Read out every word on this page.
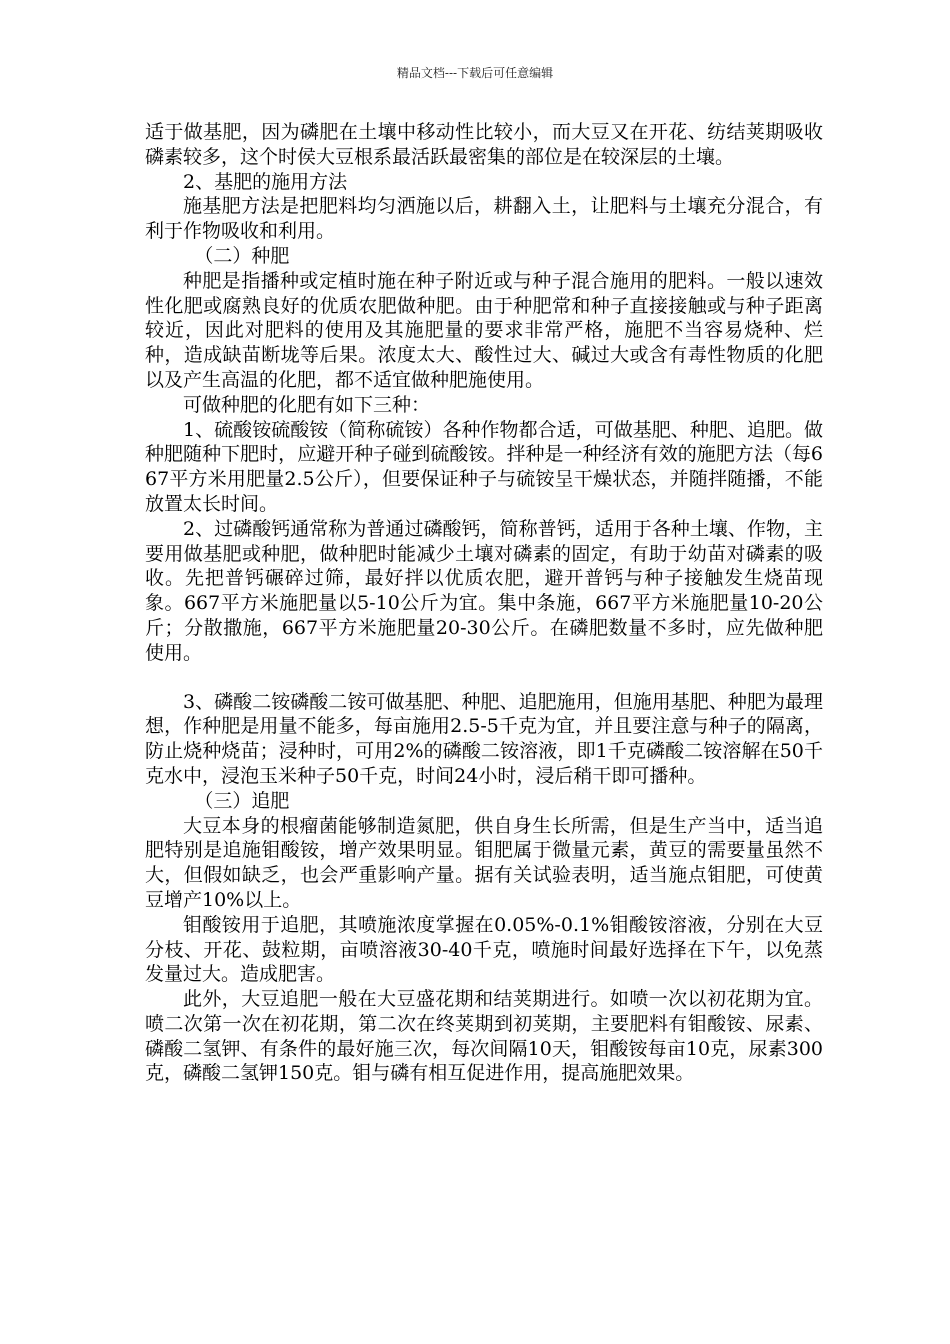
精品文档---下载后可任意编辑

适于做基肥，因为磷肥在土壤中移动性比较小，而大豆又在开花、纺结荚期吸收磷素较多，这个时侯大豆根系最活跃最密集的部位是在较深层的土壤。

2、基肥的施用方法

施基肥方法是把肥料均匀洒施以后，耕翻入土，让肥料与土壤充分混合，有利于作物吸收和利用。

（二）种肥

种肥是指播种或定植时施在种子附近或与种子混合施用的肥料。一般以速效性化肥或腐熟良好的优质农肥做种肥。由于种肥常和种子直接接触或与种子距离较近，因此对肥料的使用及其施肥量的要求非常严格，施肥不当容易烧种、烂种，造成缺苗断垅等后果。浓度太大、酸性过大、碱过大或含有毒性物质的化肥以及产生高温的化肥，都不适宜做种肥施使用。

可做种肥的化肥有如下三种：

1、硫酸铵硫酸铵（简称硫铵）各种作物都合适，可做基肥、种肥、追肥。做种肥随种下肥时，应避开种子碰到硫酸铵。拌种是一种经济有效的施肥方法（每667平方米用肥量2.5公斤），但要保证种子与硫铵呈干燥状态，并随拌随播，不能放置太长时间。

2、过磷酸钙通常称为普通过磷酸钙，简称普钙，适用于各种土壤、作物，主要用做基肥或种肥，做种肥时能减少土壤对磷素的固定，有助于幼苗对磷素的吸收。先把普钙碾碎过筛，最好拌以优质农肥，避开普钙与种子接触发生烧苗现象。667平方米施肥量以5-10公斤为宜。集中条施，667平方米施肥量10-20公斤；分散撒施，667平方米施肥量20-30公斤。在磷肥数量不多时，应先做种肥使用。

3、磷酸二铵磷酸二铵可做基肥、种肥、追肥施用，但施用基肥、种肥为最理想，作种肥是用量不能多，每亩施用2.5-5千克为宜，并且要注意与种子的隔离，防止烧种烧苗；浸种时，可用2%的磷酸二铵溶液，即1千克磷酸二铵溶解在50千克水中，浸泡玉米种子50千克，时间24小时，浸后稍干即可播种。

（三）追肥

大豆本身的根瘤菌能够制造氮肥，供自身生长所需，但是生产当中，适当追肥特别是追施钼酸铵，增产效果明显。钼肥属于微量元素，黄豆的需要量虽然不大，但假如缺乏，也会严重影响产量。据有关试验表明，适当施点钼肥，可使黄豆增产10%以上。

钼酸铵用于追肥，其喷施浓度掌握在0.05%-0.1%钼酸铵溶液，分别在大豆分枝、开花、鼓粒期，亩喷溶液30-40千克，喷施时间最好选择在下午，以免蒸发量过大。造成肥害。

此外，大豆追肥一般在大豆盛花期和结荚期进行。如喷一次以初花期为宜。喷二次第一次在初花期，第二次在终荚期到初荚期，主要肥料有钼酸铵、尿素、磷酸二氢钾、有条件的最好施三次，每次间隔10天，钼酸铵每亩10克，尿素300克，磷酸二氢钾150克。钼与磷有相互促进作用，提高施肥效果。
